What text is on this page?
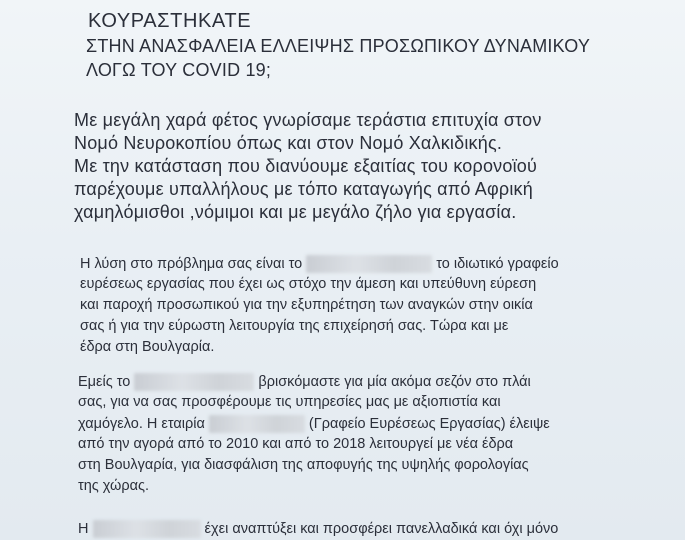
ΚΟΥΡΑΣΤΗΚΑΤΕ
ΣΤΗΝ ΑΝΑΣΦΑΛΕΙΑ ΕΛΛΕΙΨΗΣ ΠΡΟΣΩΠΙΚΟΥ ΔΥΝΑΜΙΚΟΥ
ΛΟΓΩ ΤΟΥ COVID 19;
Με μεγάλη χαρά φέτος γνωρίσαμε τεράστια επιτυχία στον
Νομό Νευροκοπίου όπως και στον Νομό Χαλκιδικής.
Με την κατάσταση που διανύουμε εξαιτίας του κορονοϊού
παρέχουμε υπαλλήλους με τόπο καταγωγής από Αφρική
χαμηλόμισθοι ,νόμιμοι και με μεγάλο ζήλο για εργασία.
Η λύση στο πρόβλημα σας είναι το	το ιδιωτικό γραφείο
ευρέσεως εργασίας που έχει ως στόχο την άμεση και υπεύθυνη εύρεση
και παροχή προσωπικού για την εξυπηρέτηση των αναγκών στην οικία
σας ή για την εύρωστη λειτουργία της επιχείρησή σας. Τώρα και με
έδρα στη Βουλγαρία.
Εμείς το	βρισκόμαστε για μία ακόμα σεζόν στο πλάι
σας, για να σας προσφέρουμε τις υπηρεσίες μας με αξιοπιστία και
χαμόγελο. Η εταιρία	(Γραφείο Ευρέσεως Εργασίας) έλειψε
από την αγορά από το 2010 και από το 2018 λειτουργεί με νέα έδρα
στη Βουλγαρία, για διασφάλιση της αποφυγής της υψηλής φορολογίας
της χώρας.
Η	έχει αναπτύξει και προσφέρει πανελλαδικά και όχι μόνο
